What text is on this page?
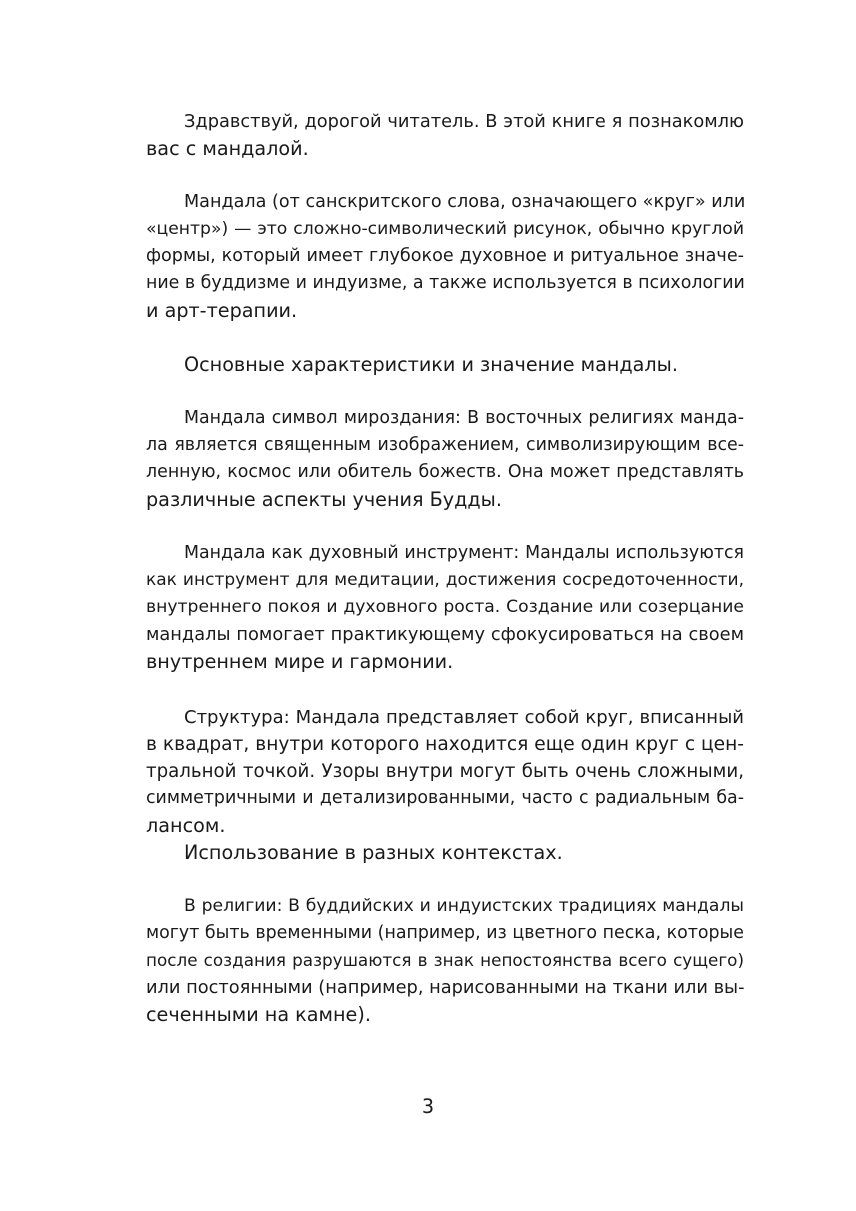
Здравствуй, дорогой читатель. В этой книге я познакомлю
вас с мандалой.
Мандала (от санскритского слова, означающего «круг» или
«центр») — это сложно-символический рисунок, обычно круглой
формы, который имеет глубокое духовное и ритуальное значе-
ние в буддизме и индуизме, а также используется в психологии
и арт-терапии.
Основные характеристики и значение мандалы.
Мандала символ мироздания: В восточных религиях манда-
ла является священным изображением, символизирующим все-
ленную, космос или обитель божеств. Она может представлять
различные аспекты учения Будды.
Мандала как духовный инструмент: Мандалы используются
как инструмент для медитации, достижения сосредоточенности,
внутреннего покоя и духовного роста. Создание или созерцание
мандалы помогает практикующему сфокусироваться на своем
внутреннем мире и гармонии.
Структура: Мандала представляет собой круг, вписанный
в квадрат, внутри которого находится еще один круг с цен-
тральной точкой. Узоры внутри могут быть очень сложными,
симметричными и детализированными, часто с радиальным ба-
лансом.
Использование в разных контекстах.
В религии: В буддийских и индуистских традициях мандалы
могут быть временными (например, из цветного песка, которые
после создания разрушаются в знак непостоянства всего сущего)
или постоянными (например, нарисованными на ткани или вы-
сеченными на камне).
3
